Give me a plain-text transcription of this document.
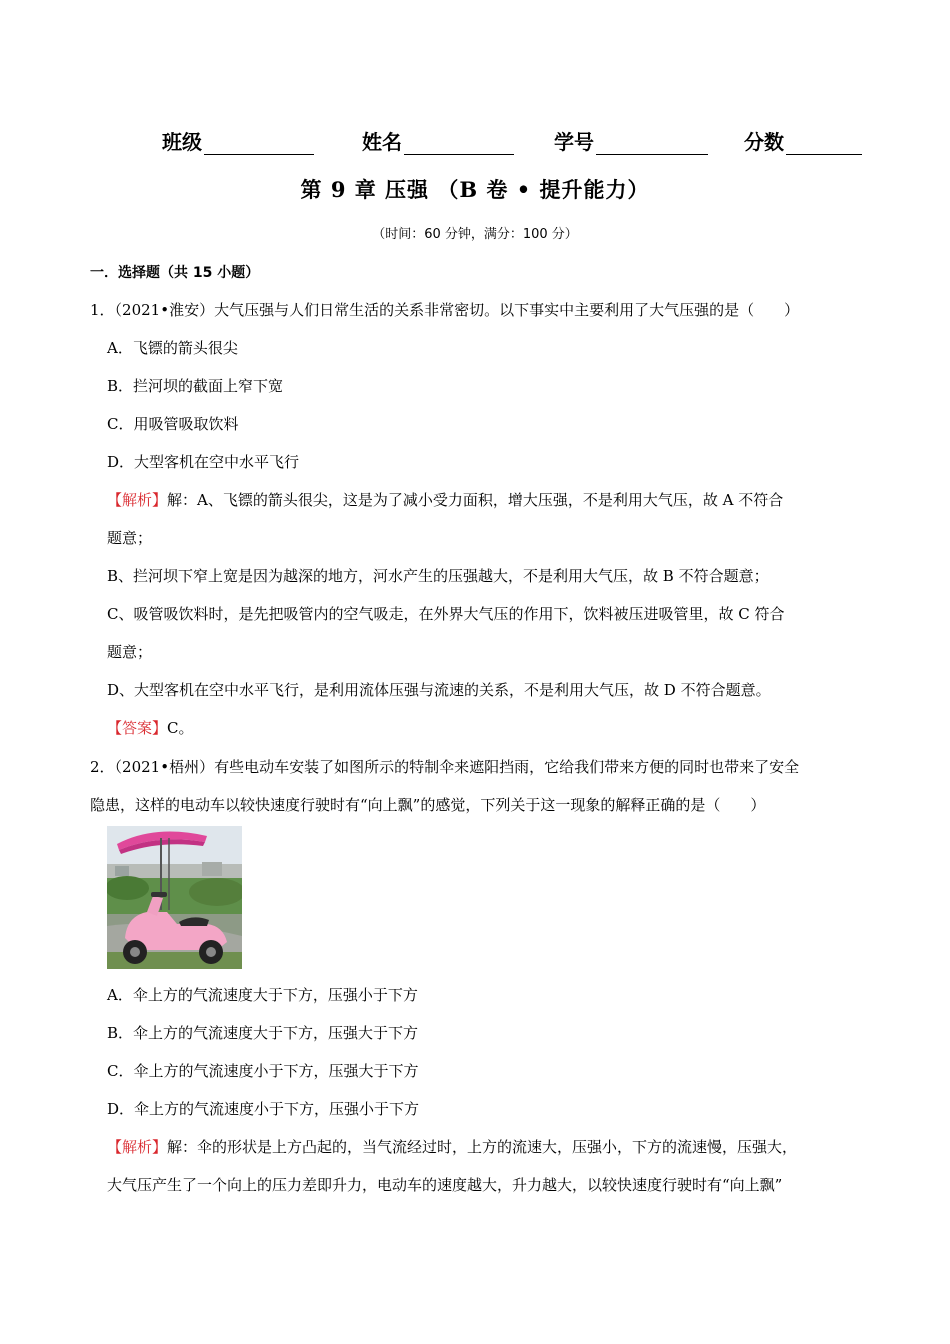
班级	姓名	学号	分数
第 9 章 压强 （B 卷 • 提升能力）
（时间：60 分钟，满分：100 分）
一．选择题（共 15 小题）
1．（2021•淮安）大气压强与人们日常生活的关系非常密切。以下事实中主要利用了大气压强的是（　　）
A．飞镖的箭头很尖
B．拦河坝的截面上窄下宽
C．用吸管吸取饮料
D．大型客机在空中水平飞行
【解析】解：A、飞镖的箭头很尖，这是为了减小受力面积，增大压强，不是利用大气压，故 A 不符合
题意；
B、拦河坝下窄上宽是因为越深的地方，河水产生的压强越大，不是利用大气压，故 B 不符合题意；
C、吸管吸饮料时，是先把吸管内的空气吸走，在外界大气压的作用下，饮料被压进吸管里，故 C 符合
题意；
D、大型客机在空中水平飞行，是利用流体压强与流速的关系，不是利用大气压，故 D 不符合题意。
【答案】C。
2．（2021•梧州）有些电动车安装了如图所示的特制伞来遮阳挡雨，它给我们带来方便的同时也带来了安全
隐患，这样的电动车以较快速度行驶时有“向上飘”的感觉，下列关于这一现象的解释正确的是（　　）
A．伞上方的气流速度大于下方，压强小于下方
B．伞上方的气流速度大于下方，压强大于下方
C．伞上方的气流速度小于下方，压强大于下方
D．伞上方的气流速度小于下方，压强小于下方
【解析】解：伞的形状是上方凸起的，当气流经过时，上方的流速大，压强小，下方的流速慢，压强大，
大气压产生了一个向上的压力差即升力，电动车的速度越大，升力越大，以较快速度行驶时有“向上飘”
